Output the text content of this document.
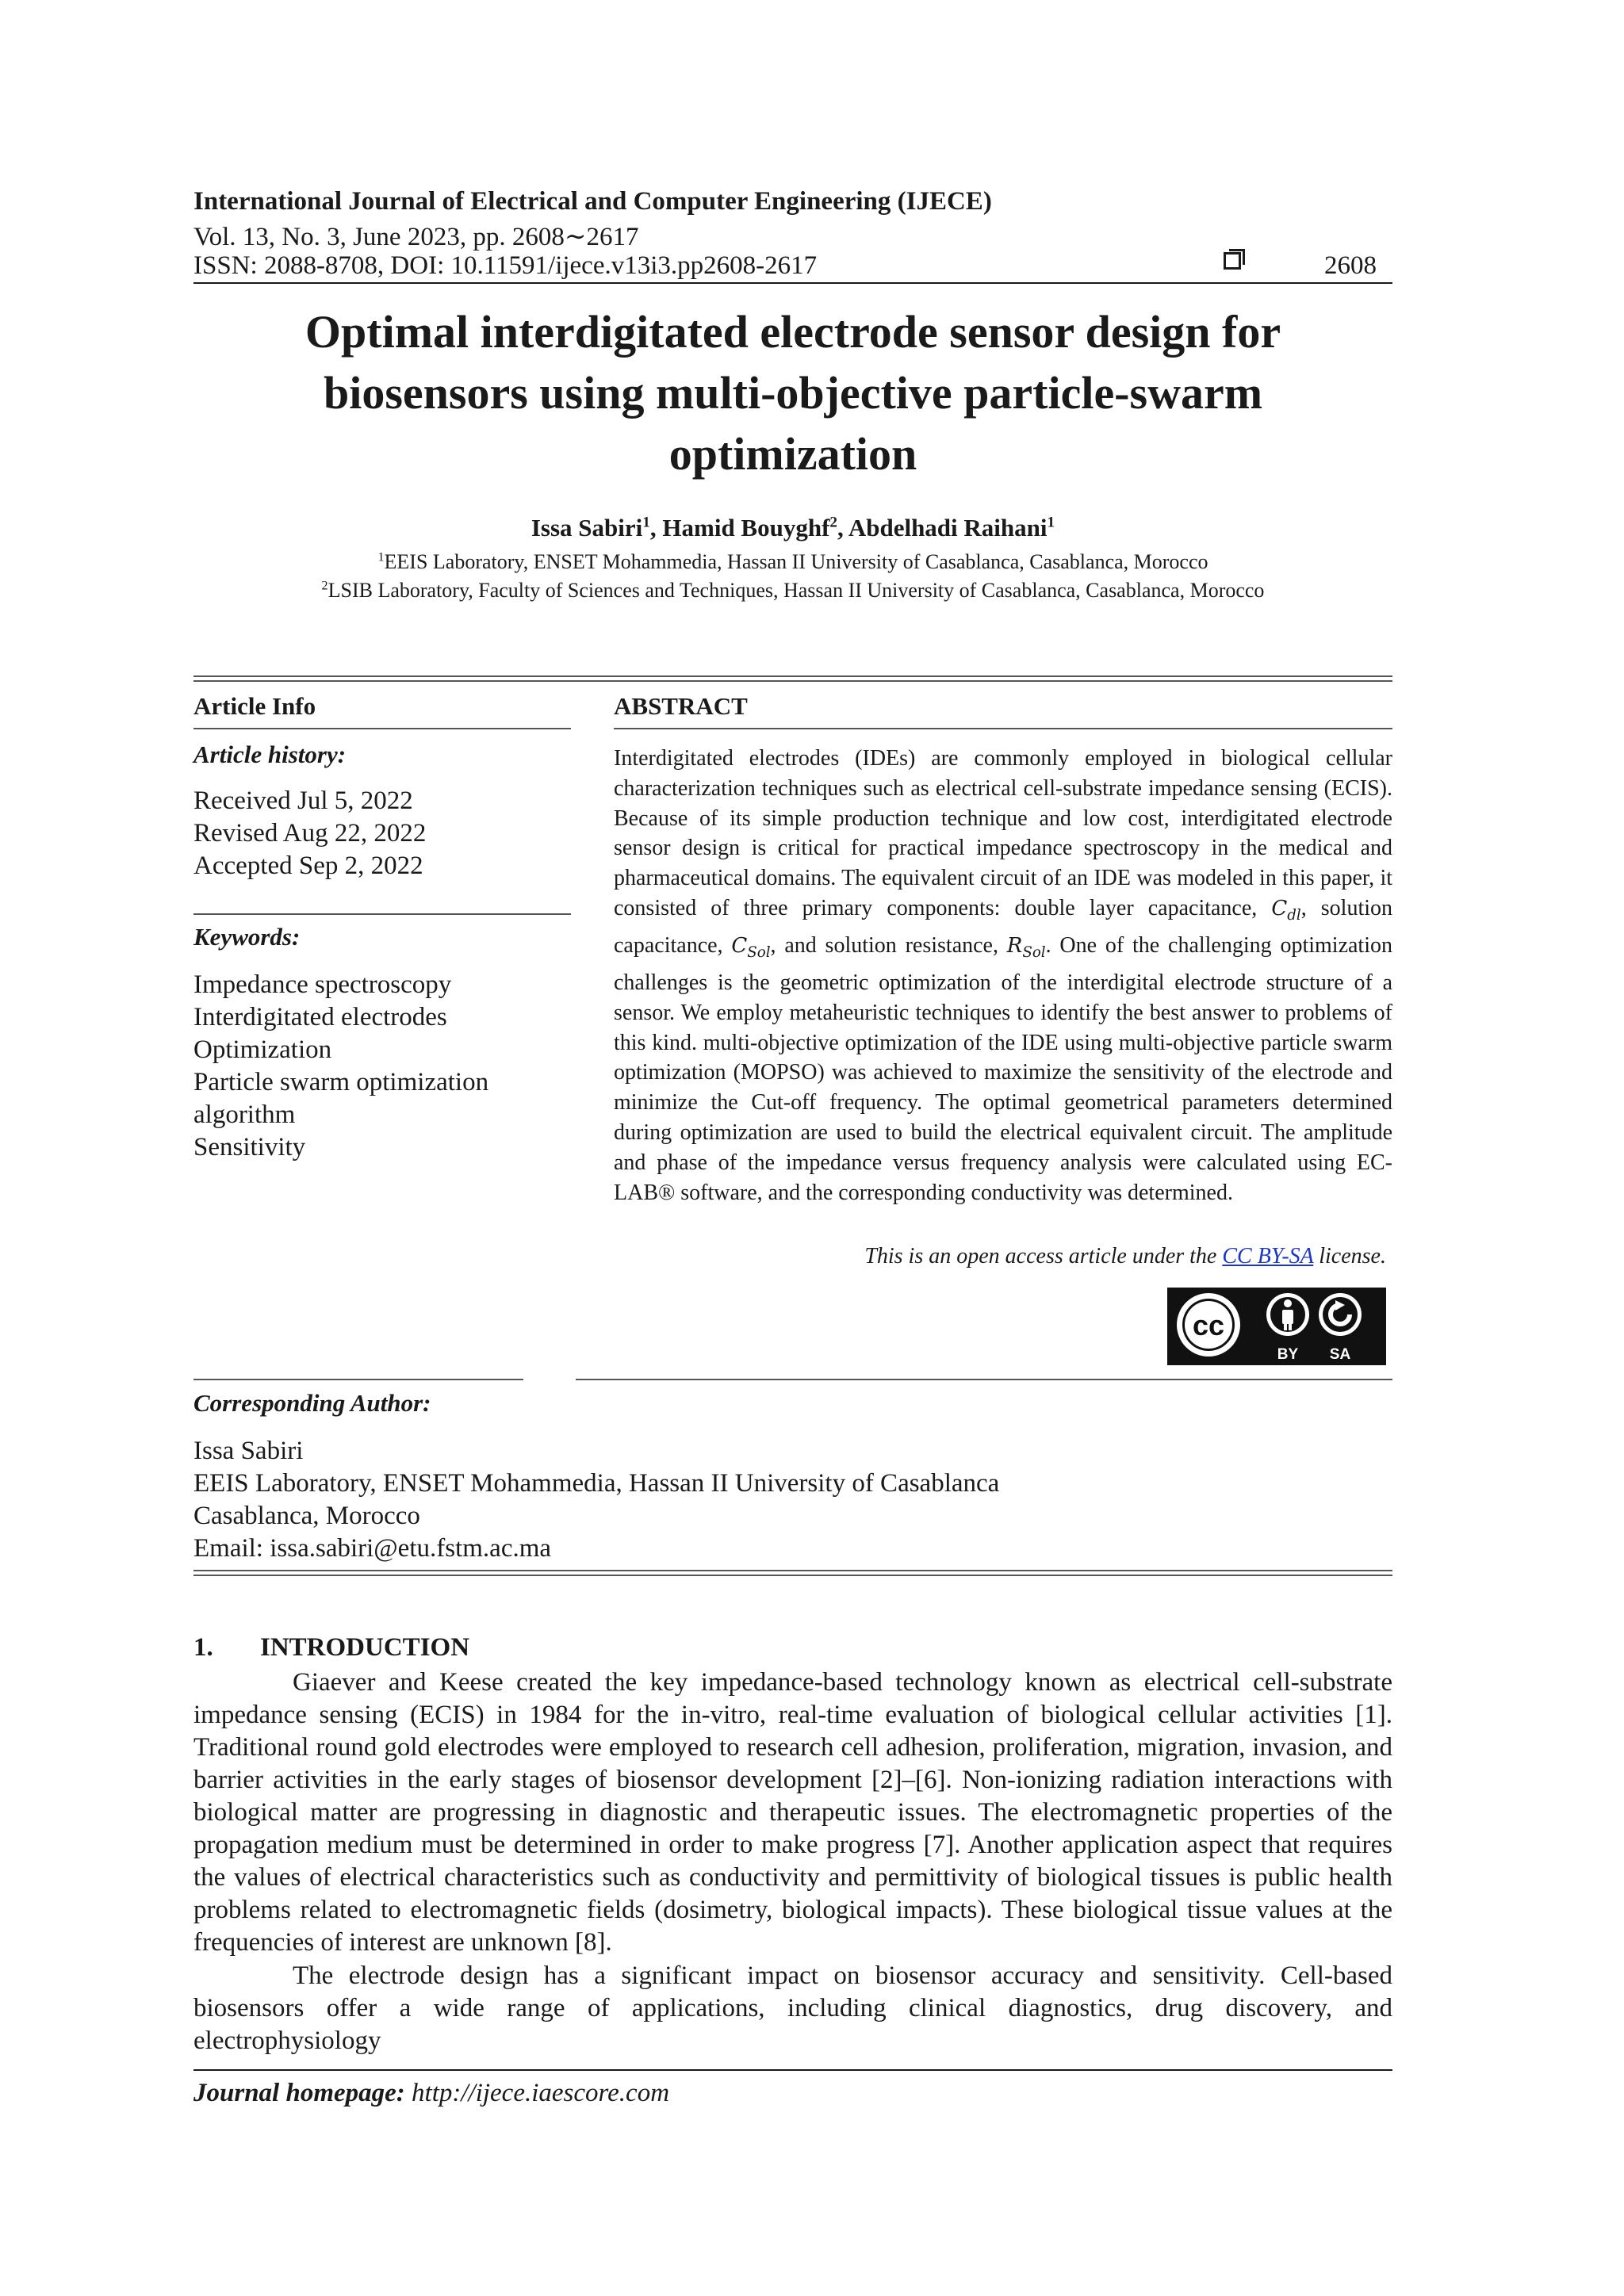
International Journal of Electrical and Computer Engineering (IJECE)
Vol. 13, No. 3, June 2023, pp. 2608∼2617
ISSN: 2088-8708, DOI: 10.11591/ijece.v13i3.pp2608-2617	2608
Optimal interdigitated electrode sensor design for
biosensors using multi-objective particle-swarm
optimization
Issa Sabiri$^1$, Hamid Bouyghf$^2$, Abdelhadi Raihani$^1$
$^1$EEIS Laboratory, ENSET Mohammedia, Hassan II University of Casablanca, Casablanca, Morocco
$^2$LSIB Laboratory, Faculty of Sciences and Techniques, Hassan II University of Casablanca, Casablanca, Morocco
Article Info
Article history:
Received Jul 5, 2022
Revised Aug 22, 2022
Accepted Sep 2, 2022
Keywords:
Impedance spectroscopy
Interdigitated electrodes
Optimization
Particle swarm optimization
algorithm
Sensitivity
ABSTRACT
Interdigitated electrodes (IDEs) are commonly employed in biological cellular characterization techniques such as electrical cell-substrate impedance sensing (ECIS). Because of its simple production technique and low cost, interdigitated electrode sensor design is critical for practical impedance spectroscopy in the medical and pharmaceutical domains. The equivalent circuit of an IDE was modeled in this paper, it consisted of three primary components: double layer capacitance, $C_{dl}$, solution capacitance, $C_{Sol}$, and solution resistance, $R_{Sol}$. One of the challenging optimization challenges is the geometric optimization of the interdigital electrode structure of a sensor. We employ metaheuristic techniques to identify the best answer to problems of this kind. multi-objective optimization of the IDE using multi-objective particle swarm optimization (MOPSO) was achieved to maximize the sensitivity of the electrode and minimize the Cut-off frequency. The optimal geometrical parameters determined during optimization are used to build the electrical equivalent circuit. The amplitude and phase of the impedance versus frequency analysis were calculated using EC-LAB® software, and the corresponding conductivity was determined.
This is an open access article under the CC BY-SA license.
cc
BY SA
Corresponding Author:
Issa Sabiri
EEIS Laboratory, ENSET Mohammedia, Hassan II University of Casablanca
Casablanca, Morocco
Email: issa.sabiri@etu.fstm.ac.ma
1. INTRODUCTION
Giaever and Keese created the key impedance-based technology known as electrical cell-substrate impedance sensing (ECIS) in 1984 for the in-vitro, real-time evaluation of biological cellular activities [1]. Traditional round gold electrodes were employed to research cell adhesion, proliferation, migration, invasion, and barrier activities in the early stages of biosensor development [2]–[6]. Non-ionizing radiation interactions with biological matter are progressing in diagnostic and therapeutic issues. The electromagnetic properties of the propagation medium must be determined in order to make progress [7]. Another application aspect that requires the values of electrical characteristics such as conductivity and permittivity of biological tissues is public health problems related to electromagnetic fields (dosimetry, biological impacts). These biological tissue values at the frequencies of interest are unknown [8].
The electrode design has a significant impact on biosensor accuracy and sensitivity. Cell-based biosensors offer a wide range of applications, including clinical diagnostics, drug discovery, and electrophysiology
Journal homepage: http://ijece.iaescore.com
